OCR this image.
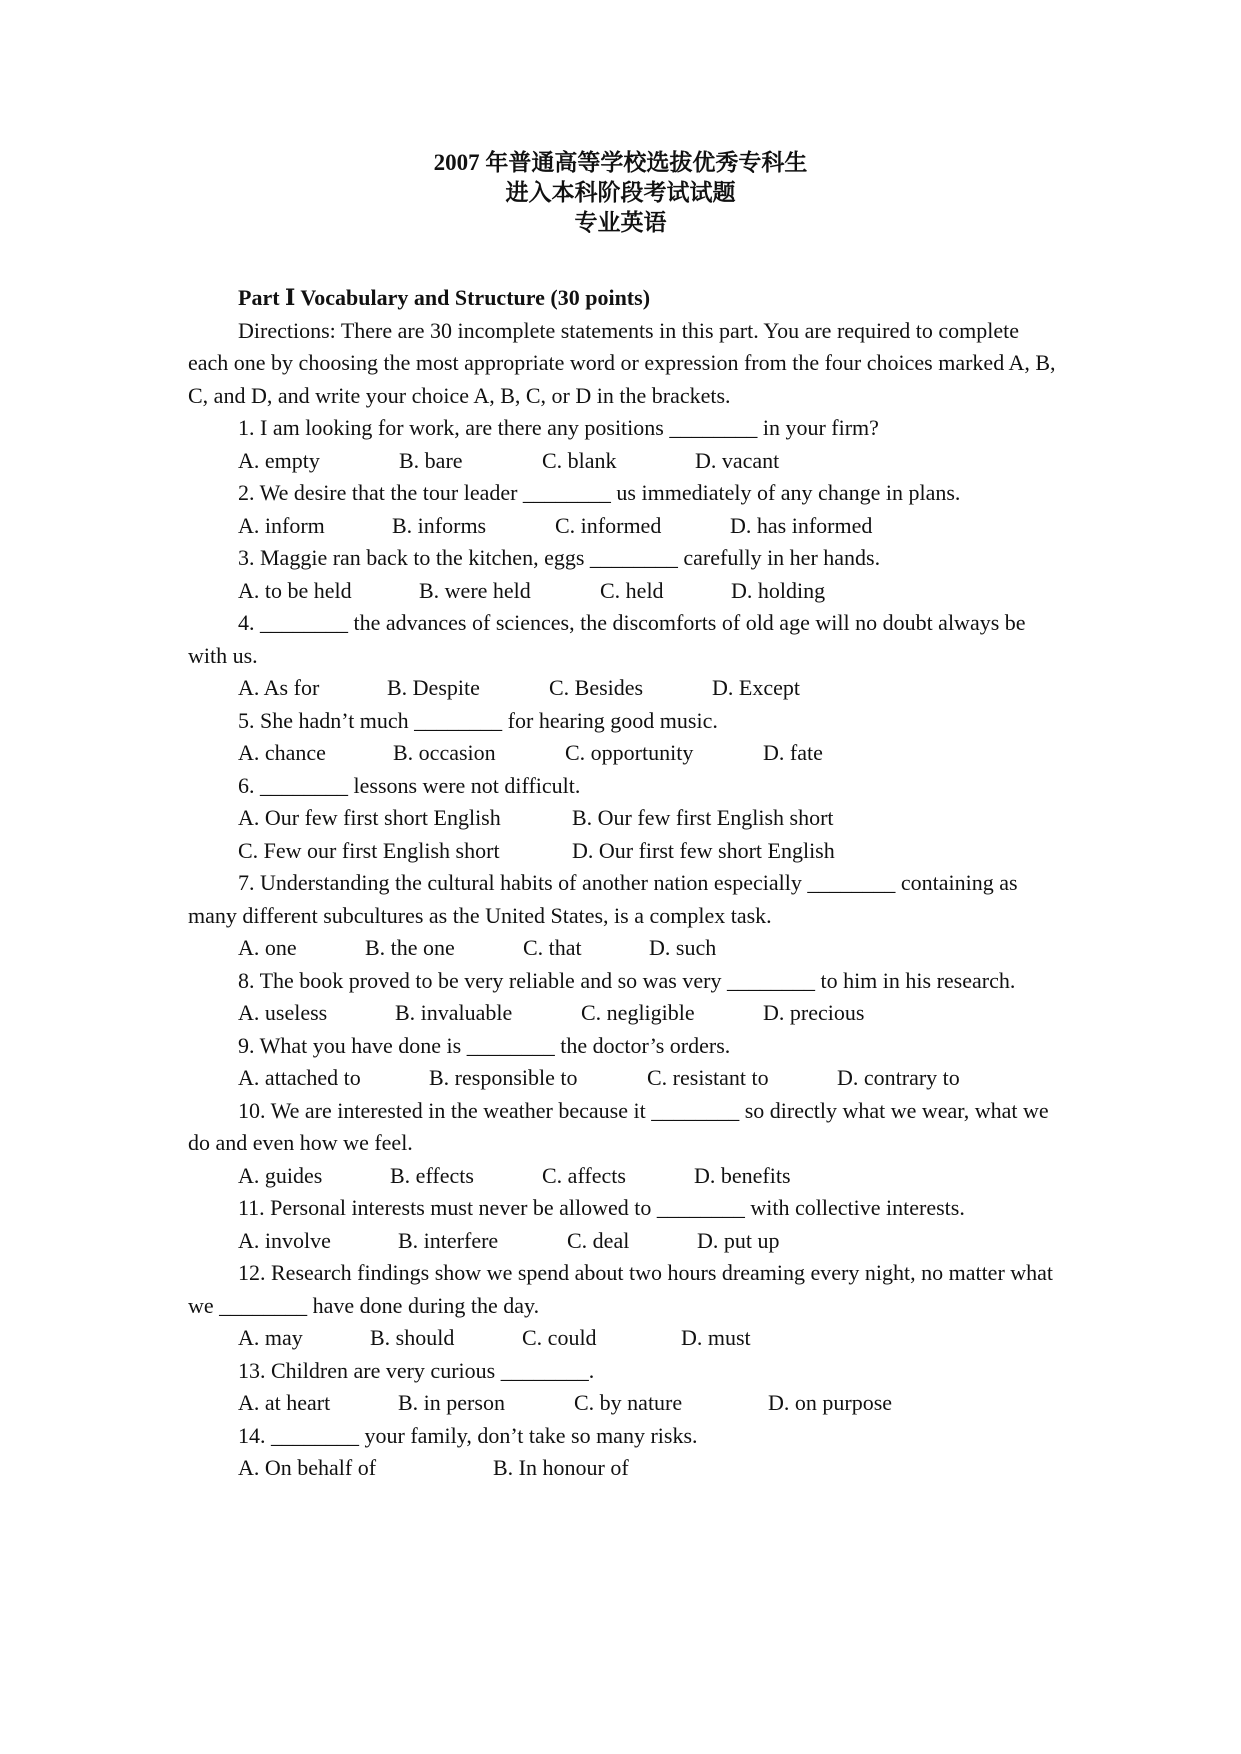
2007 年普通高等学校选拔优秀专科生
进入本科阶段考试试题
专业英语

Part Ⅰ Vocabulary and Structure (30 points)

Directions: There are 30 incomplete statements in this part. You are required to complete each one by choosing the most appropriate word or expression from the four choices marked A, B, C, and D, and write your choice A, B, C, or D in the brackets.

1. I am looking for work, are there any positions ________ in your firm?

A. empty	B. bare	C. blank	D. vacant

2. We desire that the tour leader ________ us immediately of any change in plans.

A. inform	B. informs	C. informed	D. has informed

3. Maggie ran back to the kitchen, eggs ________ carefully in her hands.

A. to be held	B. were held	C. held	D. holding

4. ________ the advances of sciences, the discomforts of old age will no doubt always be with us.

A. As for	B. Despite	C. Besides	D. Except

5. She hadn’t much ________ for hearing good music.

A. chance	B. occasion	C. opportunity	D. fate

6. ________ lessons were not difficult.

A. Our few first short English	B. Our few first English short
C. Few our first English short	D. Our first few short English

7. Understanding the cultural habits of another nation especially ________ containing as many different subcultures as the United States, is a complex task.

A. one	B. the one	C. that	D. such

8. The book proved to be very reliable and so was very ________ to him in his research.

A. useless	B. invaluable	C. negligible	D. precious

9. What you have done is ________ the doctor’s orders.

A. attached to	B. responsible to	C. resistant to	D. contrary to

10. We are interested in the weather because it ________ so directly what we wear, what we do and even how we feel.

A. guides	B. effects	C. affects	D. benefits

11. Personal interests must never be allowed to ________ with collective interests.

A. involve	B. interfere	C. deal	D. put up

12. Research findings show we spend about two hours dreaming every night, no matter what we ________ have done during the day.

A. may	B. should	C. could	D. must

13. Children are very curious ________.

A. at heart	B. in person	C. by nature	D. on purpose

14. ________ your family, don’t take so many risks.

A. On behalf of	B. In honour of
